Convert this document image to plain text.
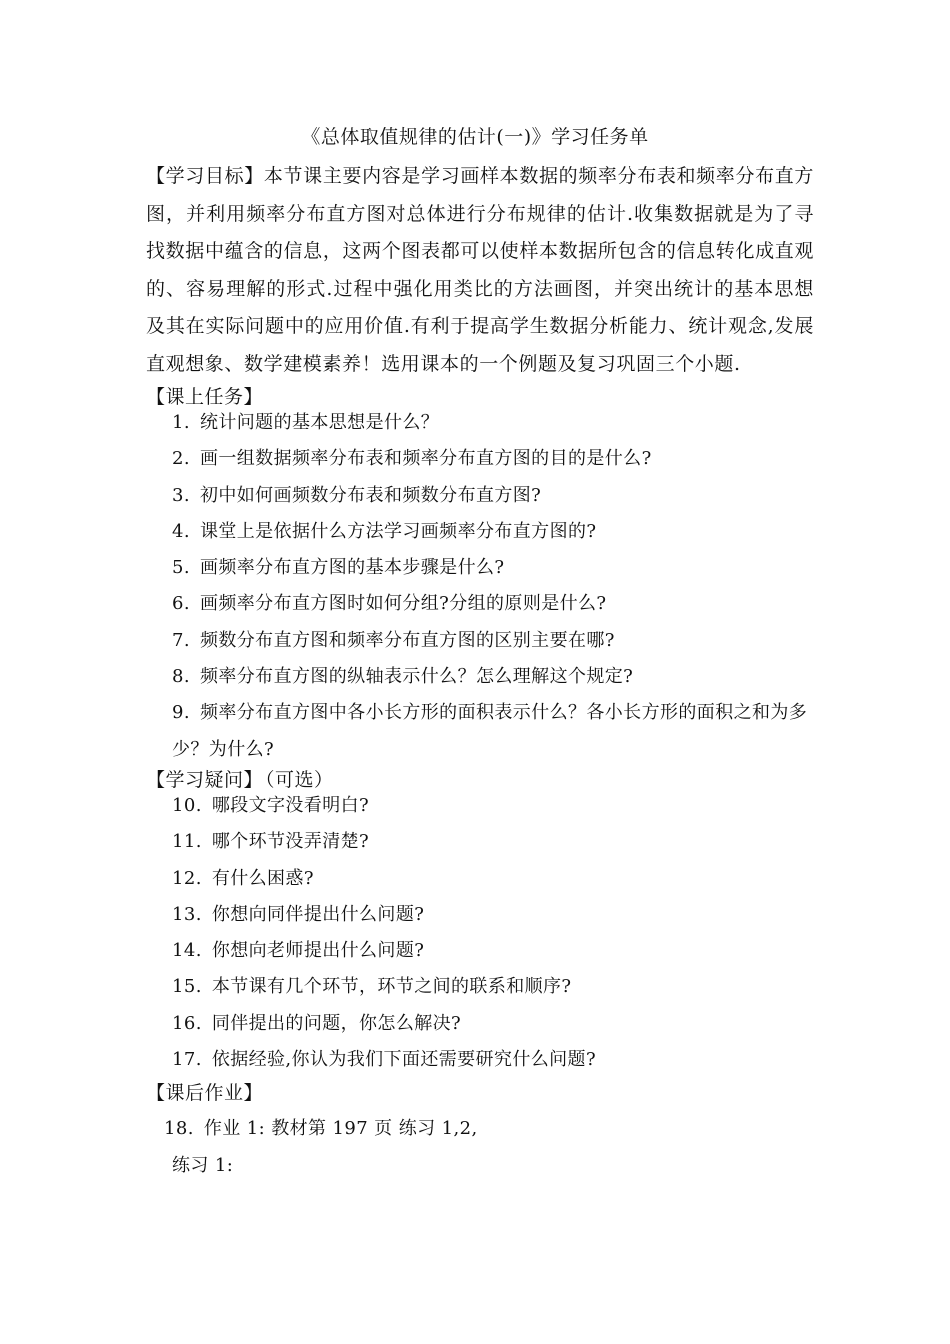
《总体取值规律的估计(一)》学习任务单
【学习目标】本节课主要内容是学习画样本数据的频率分布表和频率分布直方图，并利用频率分布直方图对总体进行分布规律的估计.收集数据就是为了寻找数据中蕴含的信息，这两个图表都可以使样本数据所包含的信息转化成直观的、容易理解的形式.过程中强化用类比的方法画图，并突出统计的基本思想及其在实际问题中的应用价值.有利于提高学生数据分析能力、统计观念,发展直观想象、数学建模素养！选用课本的一个例题及复习巩固三个小题.
【课上任务】
1. 统计问题的基本思想是什么？
2. 画一组数据频率分布表和频率分布直方图的目的是什么?
3. 初中如何画频数分布表和频数分布直方图?
4. 课堂上是依据什么方法学习画频率分布直方图的?
5. 画频率分布直方图的基本步骤是什么?
6. 画频率分布直方图时如何分组?分组的原则是什么?
7. 频数分布直方图和频率分布直方图的区别主要在哪?
8. 频率分布直方图的纵轴表示什么？怎么理解这个规定?
9. 频率分布直方图中各小长方形的面积表示什么？各小长方形的面积之和为多少？为什么?
【学习疑问】 （可选）
10. 哪段文字没看明白?
11. 哪个环节没弄清楚?
12. 有什么困惑?
13. 你想向同伴提出什么问题?
14. 你想向老师提出什么问题?
15. 本节课有几个环节，环节之间的联系和顺序?
16. 同伴提出的问题，你怎么解决?
17. 依据经验,你认为我们下面还需要研究什么问题?
【课后作业】
18. 作业 1: 教材第 197 页 练习 1,2,
练习 1:
